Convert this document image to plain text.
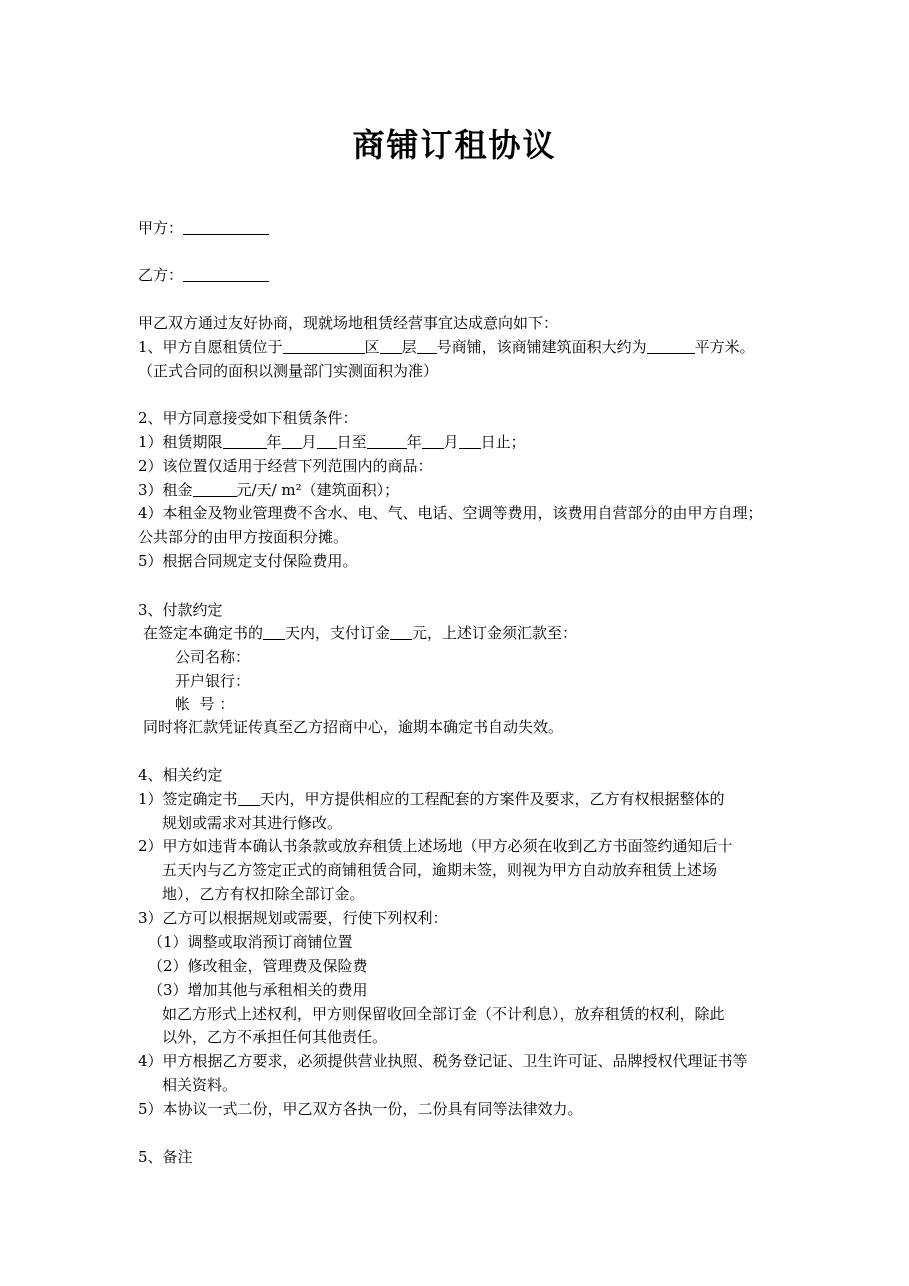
商铺订租协议
甲方：
乙方：
甲乙双方通过友好协商，现就场地租赁经营事宜达成意向如下：
1、甲方自愿租赁位于	区 层 号商铺，该商铺建筑面积大约为	平方米。
（正式合同的面积以测量部门实测面积为准）
2、甲方同意接受如下租赁条件：
1）租赁期限	年 月 日至	年 月 日止；
2）该位置仅适用于经营下列范围内的商品：
3）租金	元/天/ m²（建筑面积）；
4）本租金及物业管理费不含水、电、气、电话、空调等费用，该费用自营部分的由甲方自理；
公共部分的由甲方按面积分摊。
5）根据合同规定支付保险费用。
3、付款约定
在签定本确定书的 天内，支付订金 元，上述订金须汇款至：
公司名称：
开户银行：
帐  号 ：
同时将汇款凭证传真至乙方招商中心，逾期本确定书自动失效。
4、相关约定
1）签定确定书 天内，甲方提供相应的工程配套的方案件及要求，乙方有权根据整体的
规划或需求对其进行修改。
2）甲方如违背本确认书条款或放弃租赁上述场地（甲方必须在收到乙方书面签约通知后十
五天内与乙方签定正式的商铺租赁合同，逾期未签，则视为甲方自动放弃租赁上述场
地），乙方有权扣除全部订金。
3）乙方可以根据规划或需要，行使下列权利：
（1）调整或取消预订商铺位置
（2）修改租金，管理费及保险费
（3）增加其他与承租相关的费用
如乙方形式上述权利，甲方则保留收回全部订金（不计利息），放弃租赁的权利，除此
以外，乙方不承担任何其他责任。
4）甲方根据乙方要求，必须提供营业执照、税务登记证、卫生许可证、品牌授权代理证书等
相关资料。
5）本协议一式二份，甲乙双方各执一份，二份具有同等法律效力。
5、备注
